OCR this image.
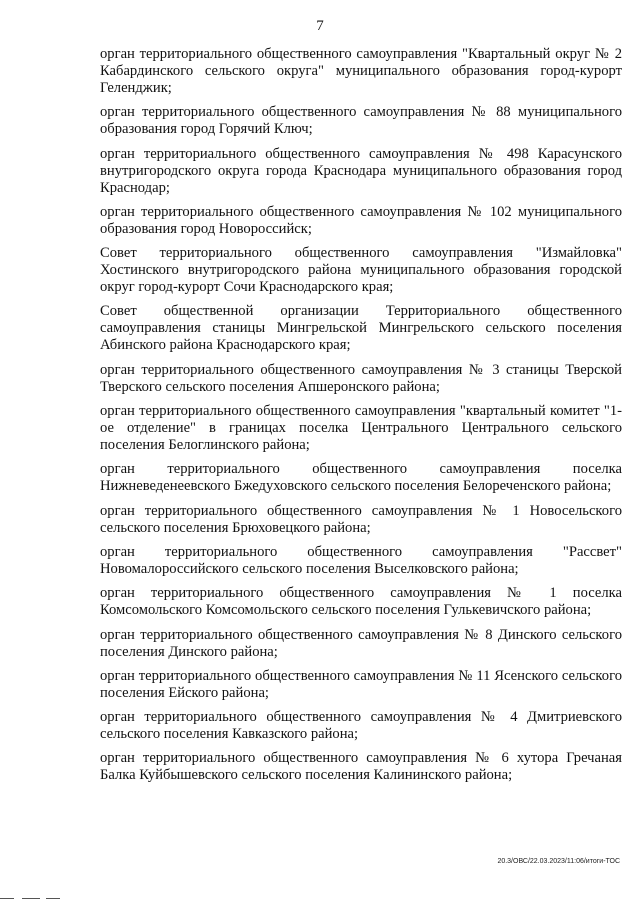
7

орган территориального общественного самоуправления "Квартальный округ № 2 Кабардинского сельского округа" муниципального образования город-курорт Геленджик;

орган территориального общественного самоуправления № 88 муниципального образования город Горячий Ключ;

орган территориального общественного самоуправления № 498 Карасунского внутригородского округа города Краснодара муниципального образования город Краснодар;

орган территориального общественного самоуправления № 102 муниципального образования город Новороссийск;

Совет территориального общественного самоуправления "Измайловка" Хостинского внутригородского района муниципального образования городской округ город-курорт Сочи Краснодарского края;

Совет общественной организации Территориального общественного самоуправления станицы Мингрельской Мингрельского сельского поселения Абинского района Краснодарского края;

орган территориального общественного самоуправления № 3 станицы Тверской Тверского сельского поселения Апшеронского района;

орган территориального общественного самоуправления "квартальный комитет "1-ое отделение" в границах поселка Центрального Центрального сельского поселения Белоглинского района;

орган территориального общественного самоуправления поселка Нижневеденеевского Бжедуховского сельского поселения Белореченского района;

орган территориального общественного самоуправления № 1 Новосельского сельского поселения Брюховецкого района;

орган территориального общественного самоуправления "Рассвет" Новомалороссийского сельского поселения Выселковского района;

орган территориального общественного самоуправления № 1 поселка Комсомольского Комсомольского сельского поселения Гулькевичского района;

орган территориального общественного самоуправления № 8 Динского сельского поселения Динского района;

орган территориального общественного самоуправления № 11 Ясенского сельского поселения Ейского района;

орган территориального общественного самоуправления № 4 Дмитриевского сельского поселения Кавказского района;

орган территориального общественного самоуправления № 6 хутора Гречаная Балка Куйбышевского сельского поселения Калининского района;

20.3/ОВС/22.03.2023/11:06/итоги-ТОС
